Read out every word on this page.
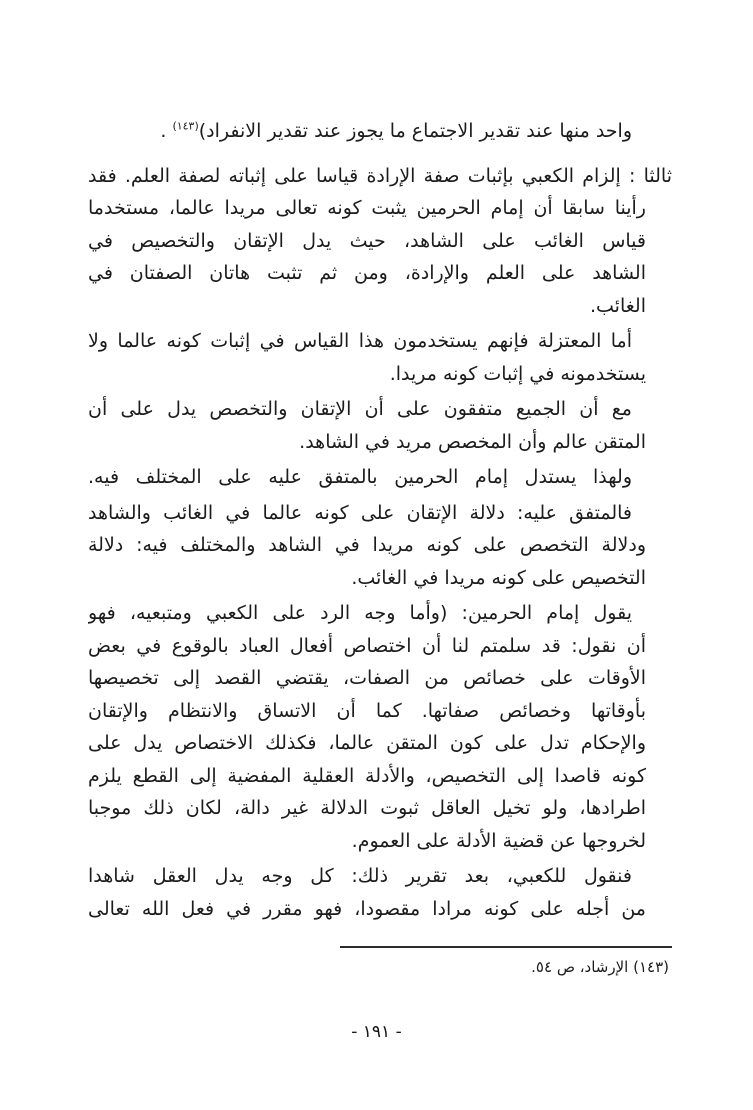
واحد منها عند تقدير الاجتماع ما يجوز عند تقدير الانفراد)$^{(١٤٣)}$ .
ثالثا : إلزام الكعبي بإثبات صفة الإرادة قياسا على إثباته لصفة العلم. فقد
رأينا سابقا أن إمام الحرمين يثبت كونه تعالى مريدا عالما، مستخدما
قياس الغائب على الشاهد، حيث يدل الإتقان والتخصيص في
الشاهد على العلم والإرادة، ومن ثم تثبت هاتان الصفتان في
الغائب.
أما المعتزلة فإنهم يستخدمون هذا القياس في إثبات كونه عالما ولا
يستخدمونه في إثبات كونه مريدا.
مع أن الجميع متفقون على أن الإتقان والتخصص يدل على أن
المتقن عالم وأن المخصص مريد في الشاهد.
ولهذا يستدل إمام الحرمين بالمتفق عليه على المختلف فيه.
فالمتفق عليه: دلالة الإتقان على كونه عالما في الغائب والشاهد
ودلالة التخصص على كونه مريدا في الشاهد والمختلف فيه: دلالة
التخصيص على كونه مريدا في الغائب.
يقول إمام الحرمين: (وأما وجه الرد على الكعبي ومتبعيه، فهو
أن نقول: قد سلمتم لنا أن اختصاص أفعال العباد بالوقوع في بعض
الأوقات على خصائص من الصفات، يقتضي القصد إلى تخصيصها
بأوقاتها وخصائص صفاتها. كما أن الاتساق والانتظام والإتقان
والإحكام تدل على كون المتقن عالما، فكذلك الاختصاص يدل على
كونه قاصدا إلى التخصيص، والأدلة العقلية المفضية إلى القطع يلزم
اطرادها، ولو تخيل العاقل ثبوت الدلالة غير دالة، لكان ذلك موجبا
لخروجها عن قضية الأدلة على العموم.
فنقول للكعبي، بعد تقرير ذلك: كل وجه يدل العقل شاهدا
من أجله على كونه مرادا مقصودا، فهو مقرر في فعل الله تعالى
(١٤٣) الإرشاد، ص ٥٤.
- ١٩١ -
